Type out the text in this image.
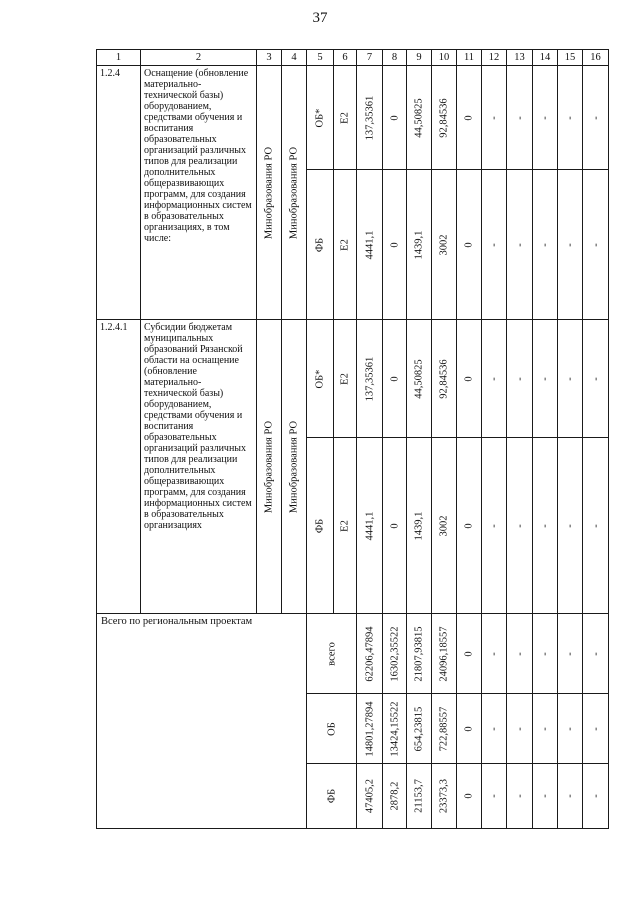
37
1	2	3	4	5	6	7	8	9	10	11	12	13	14	15	16
1.2.4	Оснащение (обновление материально-технической базы) оборудованием, средствами обучения и воспитания образовательных организаций различных типов для реализации дополнительных общеразвивающих программ, для создания информационных систем в образовательных организациях, в том числе:	Минобразования РО	Минобразования РО	ОБ*	Е2	137,35361	0	44,50825	92,84536	0	-	-	-	-	-

				ФБ	Е2	4441,1	0	1439,1	3002	0	-	-	-	-	-

1.2.4.1	Субсидии бюджетам муниципальных образований Рязанской области на оснащение (обновление материально-технической базы) оборудованием, средствами обучения и воспитания образовательных организаций различных типов для реализации дополнительных общеразвивающих программ, для создания информационных систем в образовательных организациях	Минобразования РО	Минобразования РО	ОБ*	Е2	137,35361	0	44,50825	92,84536	0	-	-	-	-	-

				ФБ	Е2	4441,1	0	1439,1	3002	0	-	-	-	-	-

Всего по региональным проектам				всего		62206,47894	16302,35522	21807,93815	24096,18557	0	-	-	-	-	-

				ОБ		14801,27894	13424,15522	654,23815	722,88557	0	-	-	-	-	-

				ФБ		47405,2	2878,2	21153,7	23373,3	0	-	-	-	-	-
